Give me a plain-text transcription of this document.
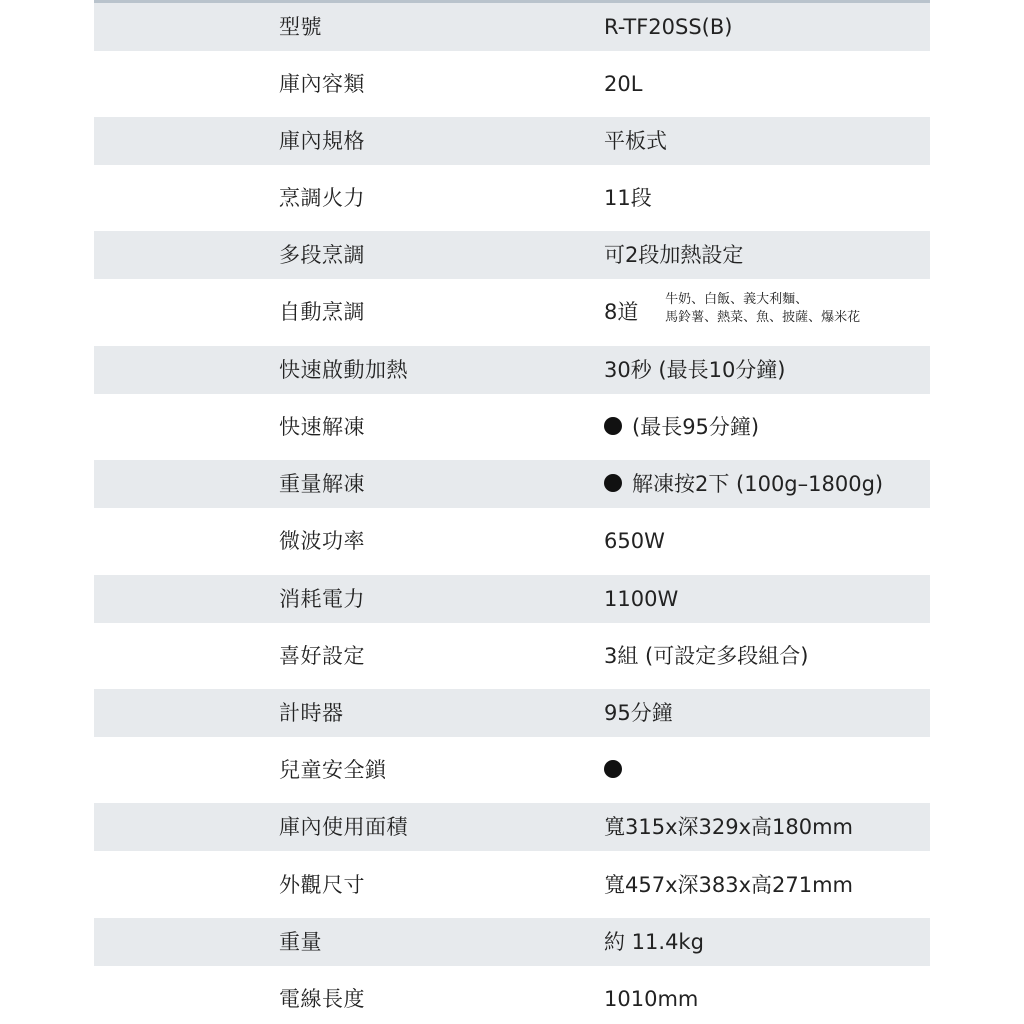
型號	R-TF20SS(B)
庫內容類	20L
庫內規格	平板式
烹調火力	11段
多段烹調	可2段加熱設定
自動烹調	8道
牛奶、白飯、義大利麵、
馬鈴薯、熱菜、魚、披薩、爆米花
快速啟動加熱	30秒 (最長10分鐘)
快速解凍	(最長95分鐘)
重量解凍	解凍按2下 (100g–1800g)
微波功率	650W
消耗電力	1100W
喜好設定	3組 (可設定多段組合)
計時器	95分鐘
兒童安全鎖
庫內使用面積	寬315x深329x高180mm
外觀尺寸	寬457x深383x高271mm
重量	約 11.4kg
電線長度	1010mm
